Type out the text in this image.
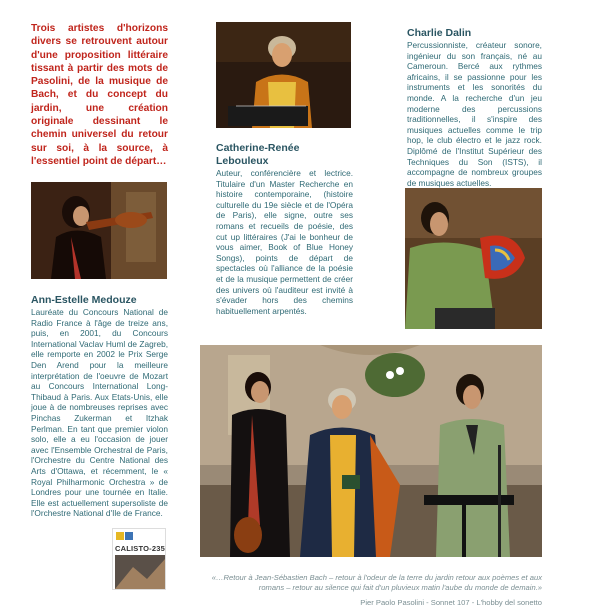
Trois artistes d'horizons divers se retrouvent autour d'une proposition littéraire tissant à partir des mots de Pasolini, de la musique de Bach, et du concept du jardin, une création originale dessinant le chemin universel du retour sur soi, à la source, à l'essentiel point de départ…

Ann-Estelle Medouze

Lauréate du Concours National de Radio France à l'âge de treize ans, puis, en 2001, du Concours International Vaclav Huml de Zagreb, elle remporte en 2002 le Prix Serge Den Arend pour la meilleure interprétation de l'oeuvre de Mozart au Concours International Long-Thibaud à Paris. Aux Etats-Unis, elle joue à de nombreuses reprises avec Pinchas Zukerman et Itzhak Perlman. En tant que premier violon solo, elle a eu l'occasion de jouer avec l'Ensemble Orchestral de Paris, l'Orchestre du Centre National des Arts d'Ottawa, et récemment, le « Royal Philharmonic Orchestra » de Londres pour une tournée en Italie. Elle est actuellement supersoliste de l'Orchestre National d'Ile de France.

CALISTO-235

Catherine-Renée Lebouleux

Auteur, conférencière et lectrice. Titulaire d'un Master Recherche en histoire contemporaine, (histoire culturelle du 19e siècle et de l'Opéra de Paris), elle signe, outre ses romans et recueils de poésie, des cut up littéraires (J'ai le bonheur de vous aimer, Book of Blue Honey Songs), points de départ de spectacles où l'alliance de la poésie et de la musique permettent de créer des univers où l'auditeur est invité à s'évader hors des chemins habituellement arpentés.

Charlie Dalin

Percussionniste, créateur sonore, ingénieur du son français, né au Cameroun. Bercé aux rythmes africains, il se passionne pour les instruments et les sonorités du monde. A la recherche d'un jeu moderne des percussions traditionnelles, il s'inspire des musiques actuelles comme le trip hop, le club électro et le jazz rock. Diplômé de l'Institut Supérieur des Techniques du Son (ISTS), il accompagne de nombreux groupes de musiques actuelles.

«…Retour à Jean-Sébastien Bach – retour à l'odeur de la terre du jardin retour aux poèmes et aux romans – retour au silence qui fait d'un pluvieux matin l'aube du monde de demain.»

Pier Paolo Pasolini - Sonnet 107 - L'hobby del sonetto
